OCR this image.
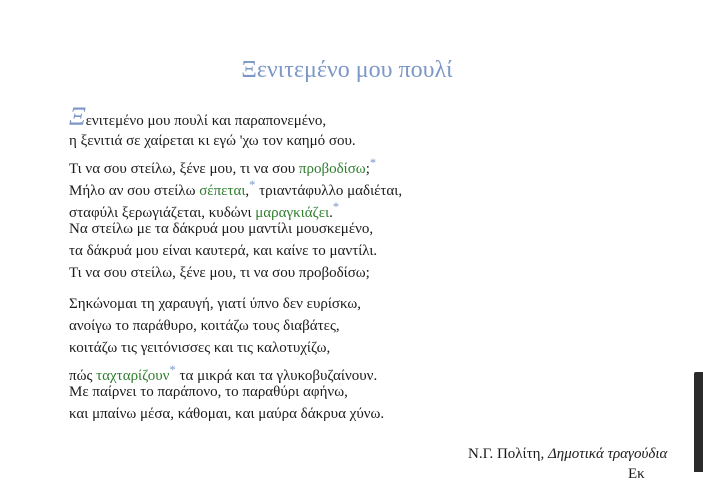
Ξενιτεμένο μου πουλί
Ξενιτεμένο μου πουλί και παραπονεμένο,
η ξενιτιά σε χαίρεται κι εγώ 'χω τον καημό σου.
Τι να σου στείλω, ξένε μου, τι να σου προβοδίσω;*
Μήλο αν σου στείλω σέπεται,* τριαντάφυλλο μαδιέται,
σταφύλι ξερωγιάζεται, κυδώνι μαραγκιάζει.*
Να στείλω με τα δάκρυά μου μαντίλι μουσκεμένο,
τα δάκρυά μου είναι καυτερά, και καίνε το μαντίλι.
Τι να σου στείλω, ξένε μου, τι να σου προβοδίσω;
Σηκώνομαι τη χαραυγή, γιατί ύπνο δεν ευρίσκω,
ανοίγω το παράθυρο, κοιτάζω τους διαβάτες,
κοιτάζω τις γειτόνισσες και τις καλοτυχίζω,
πώς ταχταρίζουν* τα μικρά και τα γλυκοβυζαίνουν.
Με παίρνει το παράπονο, το παραθύρι αφήνω,
και μπαίνω μέσα, κάθομαι, και μαύρα δάκρυα χύνω.
Ν.Γ. Πολίτη, Δημοτικά τραγούδια
Εκ
